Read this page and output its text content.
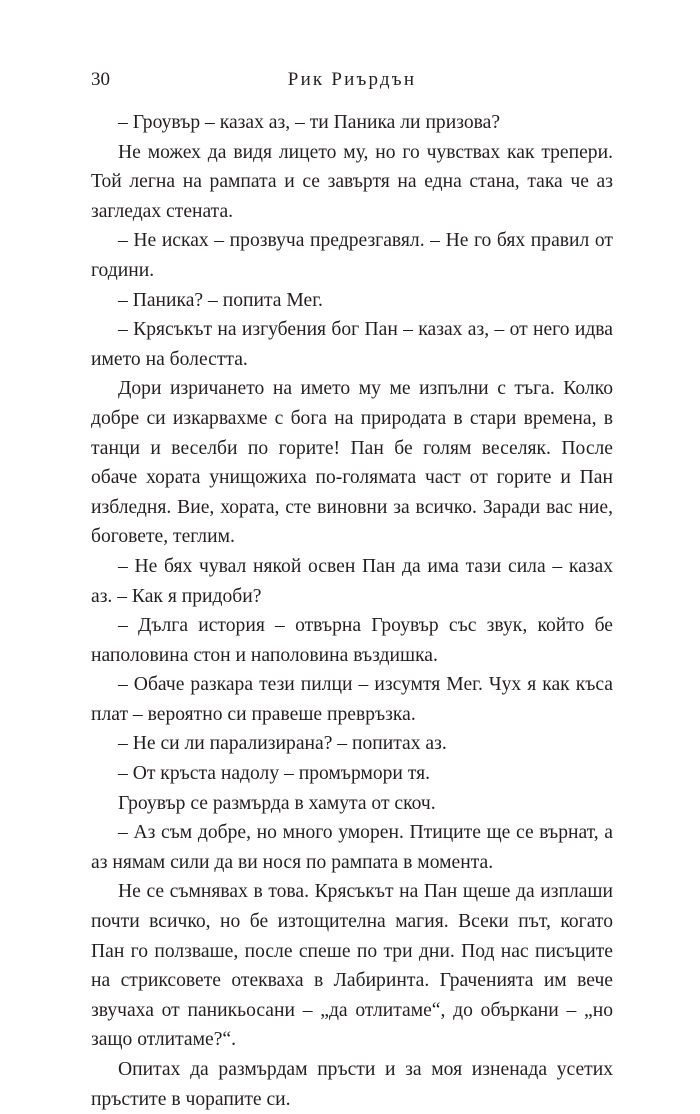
30	Рик Риърдън

– Гроувър – казах аз, – ти Паника ли призова?

Не можех да видя лицето му, но го чувствах как трепери. Той легна на рампата и се завъртя на една стана, така че аз загледах стената.

– Не исках – прозвуча предрезгавял. – Не го бях правил от години.

– Паника? – попита Мег.

– Крясъкът на изгубения бог Пан – казах аз, – от него идва името на болестта.

Дори изричането на името му ме изпълни с тъга. Колко добре си изкарвахме с бога на природата в стари времена, в танци и веселби по горите! Пан бе голям веселяк. После обаче хората унищожиха по-голямата част от горите и Пан избледня. Вие, хората, сте виновни за всичко. Заради вас ние, боговете, теглим.

– Не бях чувал някой освен Пан да има тази сила – казах аз. – Как я придоби?

– Дълга история – отвърна Гроувър със звук, който бе наполовина стон и наполовина въздишка.

– Обаче разкара тези пилци – изсумтя Мег. Чух я как къса плат – вероятно си правеше превръзка.

– Не си ли парализирана? – попитах аз.

– От кръста надолу – промърмори тя.

Гроувър се размърда в хамута от скоч.

– Аз съм добре, но много уморен. Птиците ще се върнат, а аз нямам сили да ви нося по рампата в момента.

Не се съмнявах в това. Крясъкът на Пан щеше да изплаши почти всичко, но бе изтощителна магия. Всеки път, когато Пан го ползваше, после спеше по три дни. Под нас писъците на стриксовете отекваха в Лабиринта. Граченията им вече звучаха от паникьосани – „да отлитаме“, до объркани – „но защо отлитаме?“.

Опитах да размърдам пръсти и за моя изненада усетих пръстите в чорапите си.
